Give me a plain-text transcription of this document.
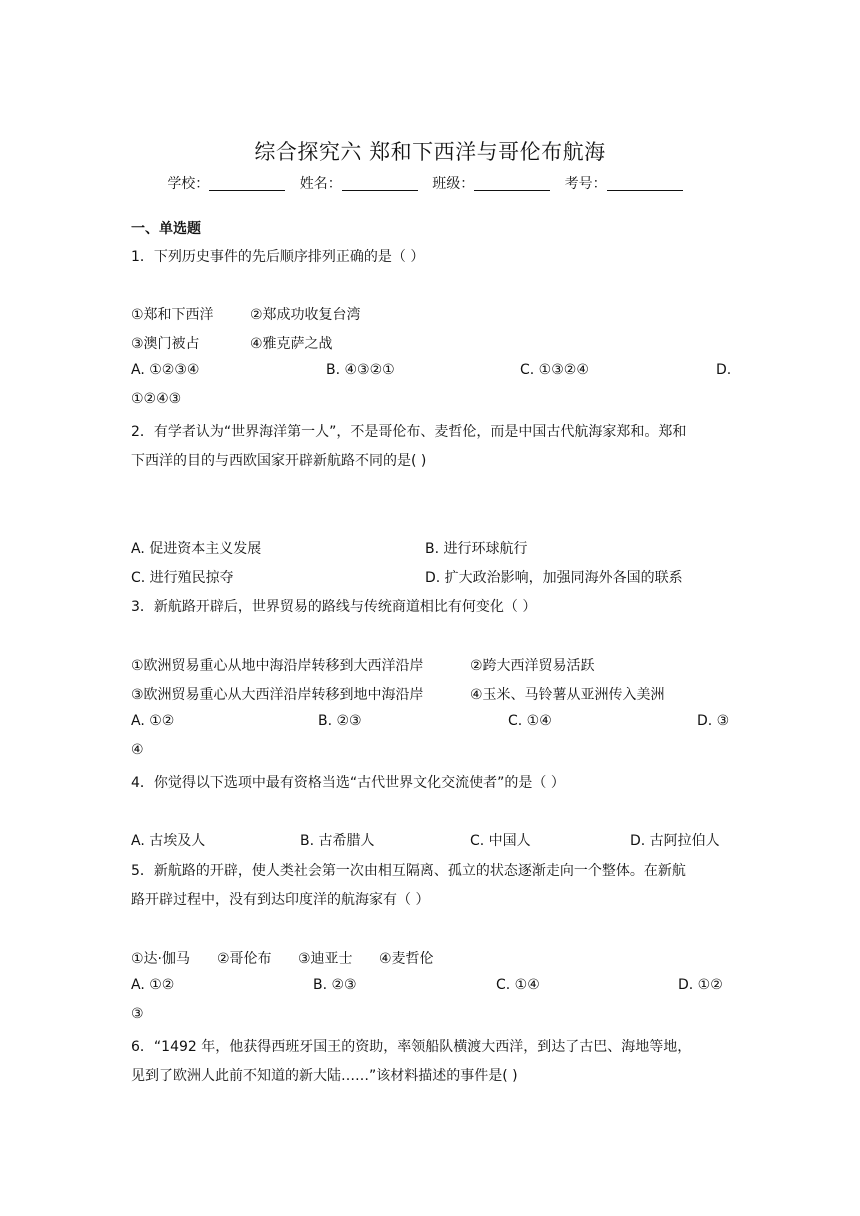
综合探究六 郑和下西洋与哥伦布航海
学校：	姓名：	班级：	考号：
一、单选题
1．下列历史事件的先后顺序排列正确的是（ ）
①郑和下西洋	②郑成功收复台湾
③澳门被占	④雅克萨之战
A. ①②③④	B. ④③②①	C. ①③②④	D.
①②④③
2．有学者认为“世界海洋第一人”，不是哥伦布、麦哲伦，而是中国古代航海家郑和。郑和
下西洋的目的与西欧国家开辟新航路不同的是( )
A. 促进资本主义发展	B. 进行环球航行
C. 进行殖民掠夺	D. 扩大政治影响，加强同海外各国的联系
3．新航路开辟后，世界贸易的路线与传统商道相比有何变化（ ）
①欧洲贸易重心从地中海沿岸转移到大西洋沿岸	②跨大西洋贸易活跃
③欧洲贸易重心从大西洋沿岸转移到地中海沿岸	④玉米、马铃薯从亚洲传入美洲
A. ①②	B. ②③	C. ①④	D. ③
④
4．你觉得以下选项中最有资格当选“古代世界文化交流使者”的是（ ）
A. 古埃及人	B. 古希腊人	C. 中国人	D. 古阿拉伯人
5．新航路的开辟，使人类社会第一次由相互隔离、孤立的状态逐渐走向一个整体。在新航
路开辟过程中，没有到达印度洋的航海家有（ ）
①达·伽马 ②哥伦布 ③迪亚士 ④麦哲伦
A. ①②	B. ②③	C. ①④	D. ①②
③
6．“1492 年，他获得西班牙国王的资助，率领船队横渡大西洋，到达了古巴、海地等地，
见到了欧洲人此前不知道的新大陆……”该材料描述的事件是( )
